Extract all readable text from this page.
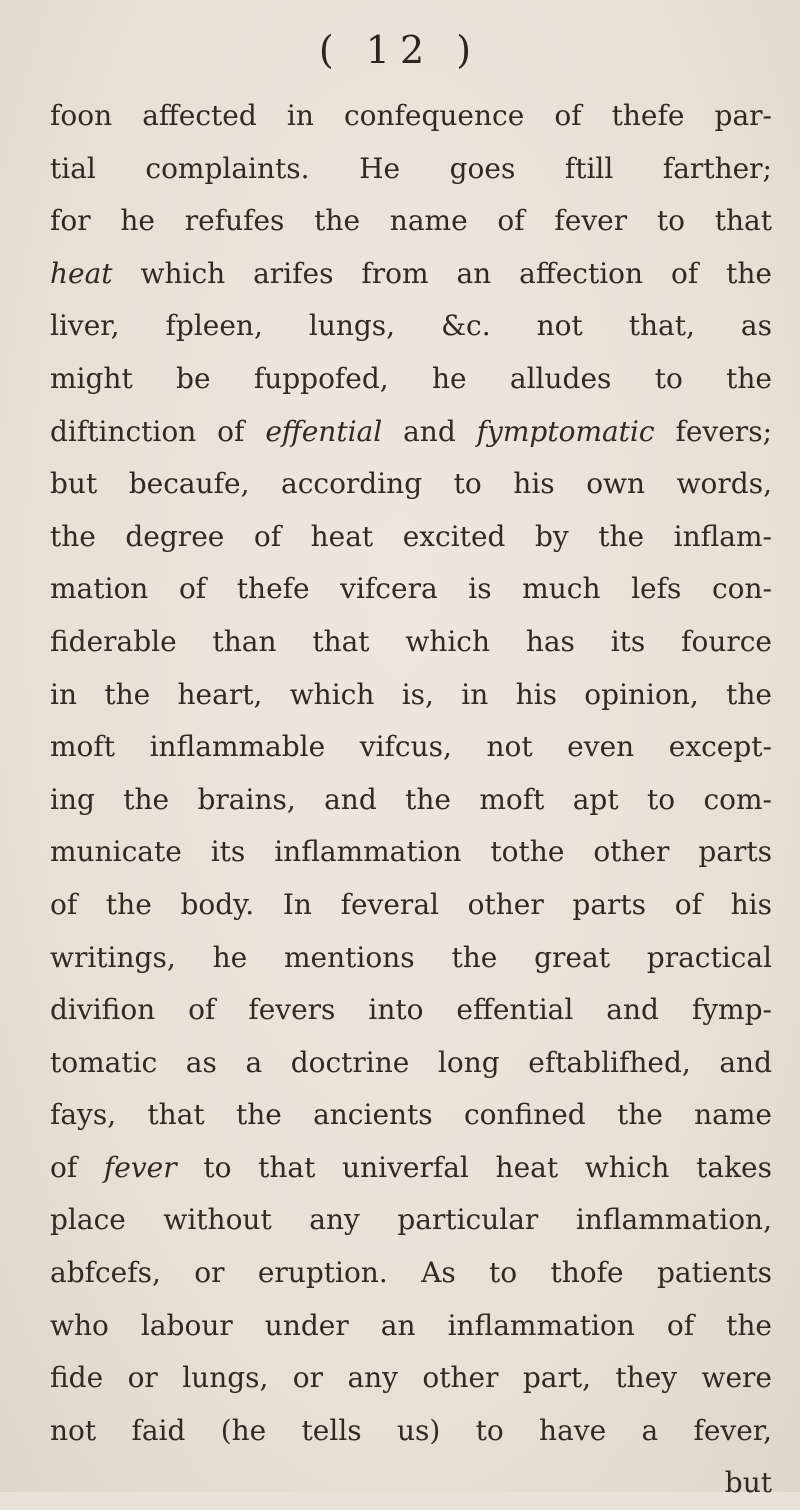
( 12 )
foon affected in confequence of thefe par-
tial complaints. He goes ftill farther;
for he refufes the name of fever to that
heat which arifes from an affection of the
liver, fpleen, lungs, &c. not that, as
might be fuppofed, he alludes to the
diftinction of effential and fymptomatic fevers;
but becaufe, according to his own words,
the degree of heat excited by the inflam-
mation of thefe vifcera is much lefs con-
fiderable than that which has its fource
in the heart, which is, in his opinion, the
moft inflammable vifcus, not even except-
ing the brains, and the moft apt to com-
municate its inflammation tothe other parts
of the body. In feveral other parts of his
writings, he mentions the great practical
divifion of fevers into effential and fymp-
tomatic as a doctrine long eftablifhed, and
fays, that the ancients confined the name
of fever to that univerfal heat which takes
place without any particular inflammation,
abfcefs, or eruption. As to thofe patients
who labour under an inflammation of the
fide or lungs, or any other part, they were
not faid (he tells us) to have a fever,
but
